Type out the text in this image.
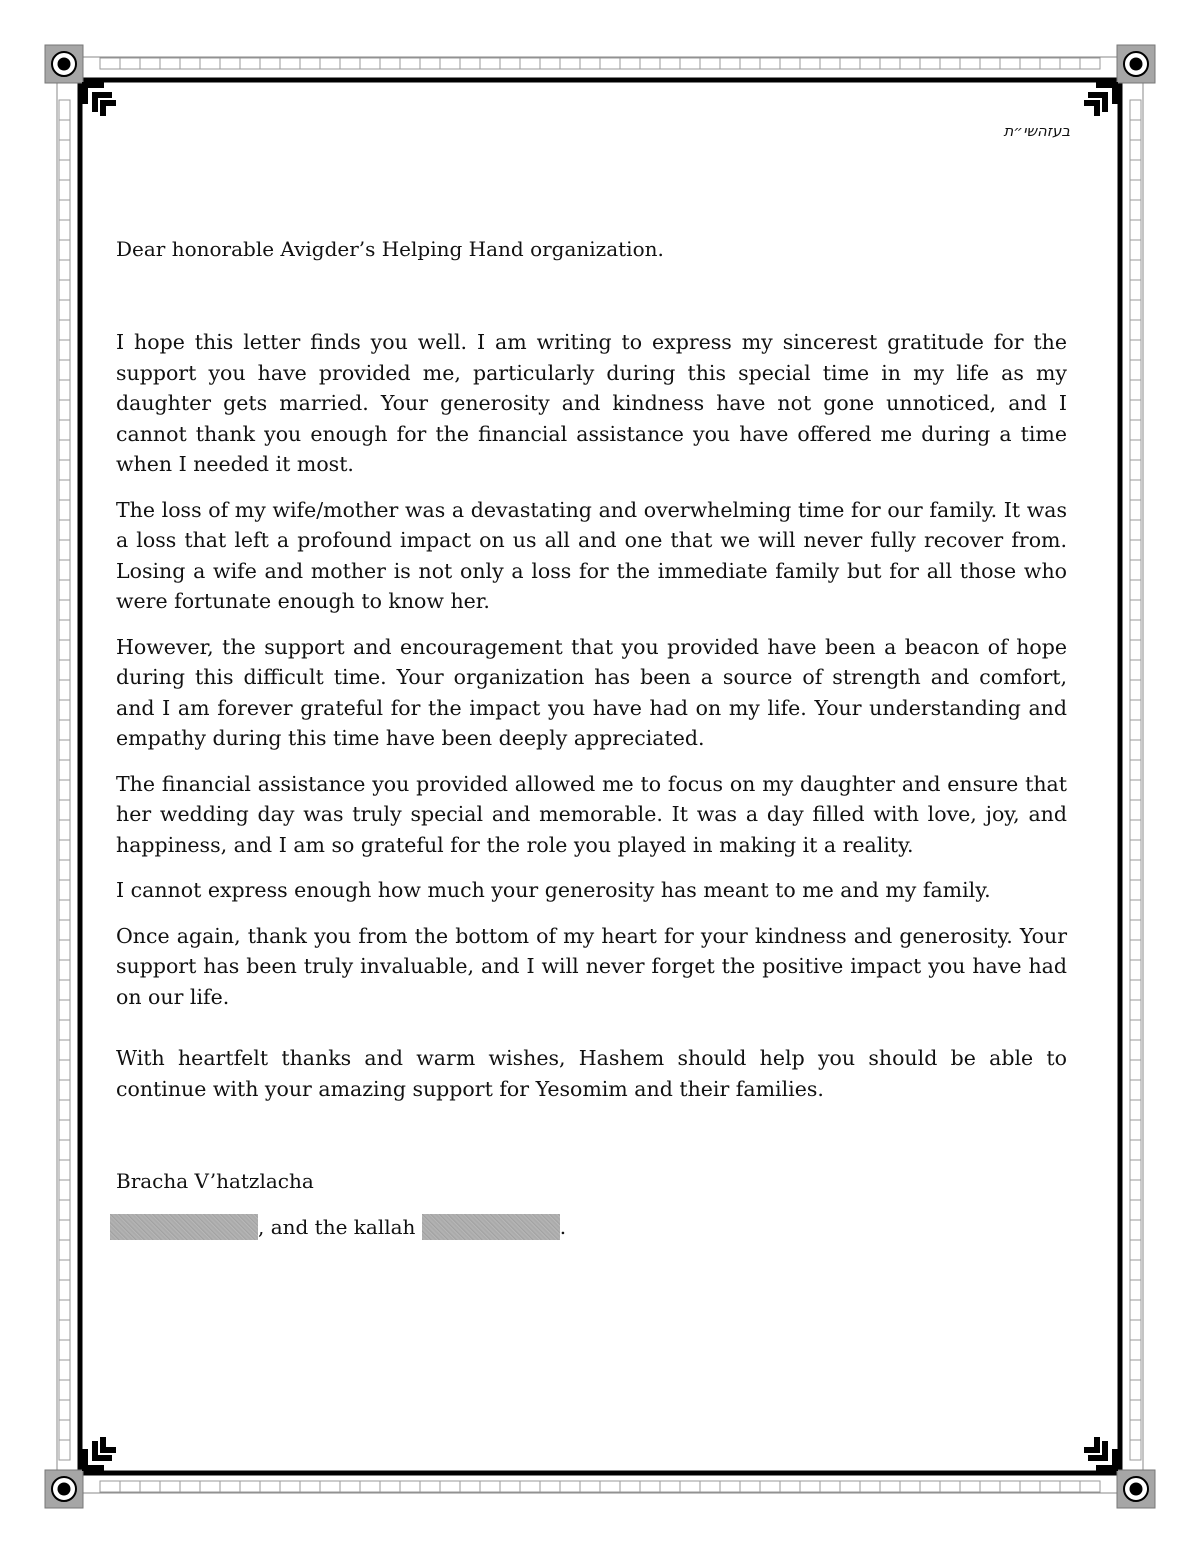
בעזהשי״ת
Dear honorable Avigder’s Helping Hand organization.

I hope this letter finds you well. I am writing to express my sincerest gratitude for the support you have provided me, particularly during this special time in my life as my daughter gets married. Your generosity and kindness have not gone unnoticed, and I cannot thank you enough for the financial assistance you have offered me during a time when I needed it most.

The loss of my wife/mother was a devastating and overwhelming time for our family. It was a loss that left a profound impact on us all and one that we will never fully recover from. Losing a wife and mother is not only a loss for the immediate family but for all those who were fortunate enough to know her.

However, the support and encouragement that you provided have been a beacon of hope during this difficult time. Your organization has been a source of strength and comfort, and I am forever grateful for the impact you have had on my life. Your understanding and empathy during this time have been deeply appreciated.

The financial assistance you provided allowed me to focus on my daughter and ensure that her wedding day was truly special and memorable. It was a day filled with love, joy, and happiness, and I am so grateful for the role you played in making it a reality.

I cannot express enough how much your generosity has meant to me and my family.

Once again, thank you from the bottom of my heart for your kindness and generosity. Your support has been truly invaluable, and I will never forget the positive impact you have had on our life.

With heartfelt thanks and warm wishes, Hashem should help you should be able to continue with your amazing support for Yesomim and their families.

Bracha V’hatzlacha
, and the kallah	.
